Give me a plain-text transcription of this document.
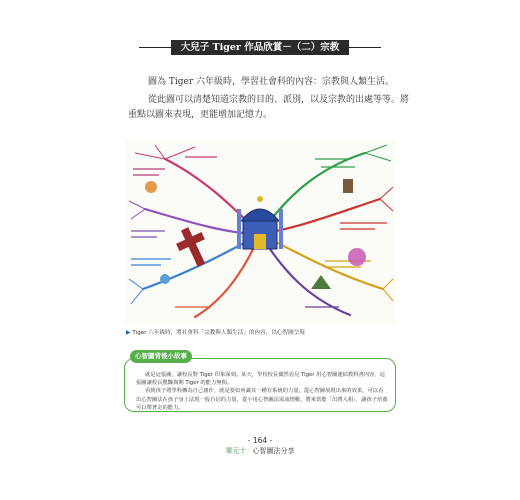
大兒子 Tiger 作品欣賞－（二）宗教
圖為 Tiger 六年級時，學習社會科的內容：宗教與人類生活。
從此圖可以清楚知道宗教的目的、派別，以及宗教的出處等等。將
重點以圖來表現，更能增加記憶力。
▶ Tiger 六年級時，將社會科「宗教與人類生活」的內容，以心智圖呈現
心智圖背後小故事

就是這張圖，讓校長對 Tiger 印象深刻。某天，學校校長偶然看見 Tiger 用心智圖連結教科書內容，這張圖讓校長驚豔與期 Tiger 的能力無関。

看到孩子將學科轉為自己創作，就是要如何識其一種有系統的力量，從心智圖展現出來的效果，可以看出心智圖法在孩子身上法現一股自信的力量，從小用心智圖法需成情數，將來當能「出將入相」，讓孩子培養可以帶著走的能力。

- 164 -
單元十 心智圖法分享
